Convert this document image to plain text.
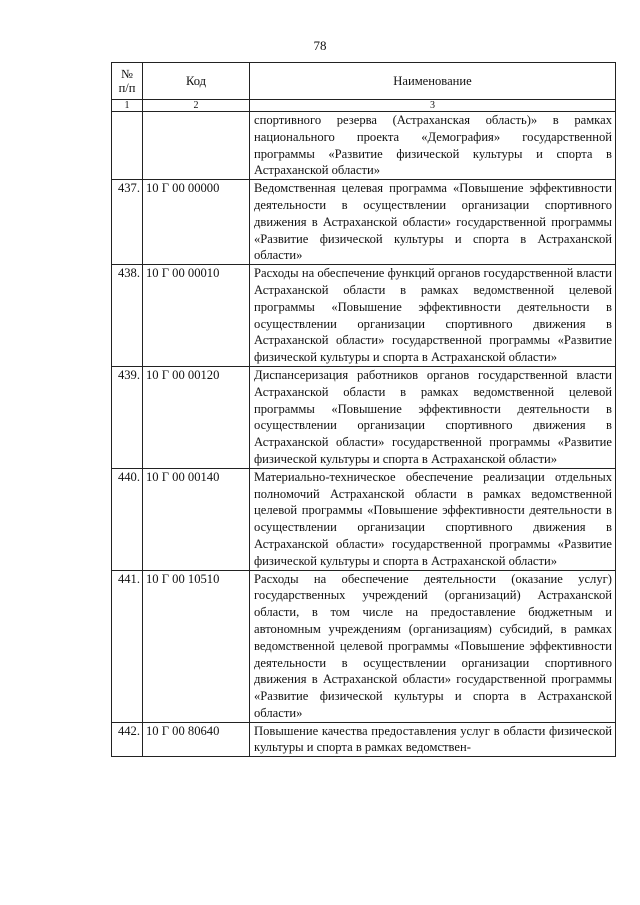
78
№ п/п	Код	Наименование
1	2	3
		спортивного резерва (Астраханская область)» в рамках национального проекта «Демография» государственной программы «Развитие физической культуры и спорта в Астраханской области»
437.	10 Г 00 00000	Ведомственная целевая программа «Повышение эффективности деятельности в осуществлении организации спортивного движения в Астраханской области» государственной программы «Развитие физической культуры и спорта в Астраханской области»
438.	10 Г 00 00010	Расходы на обеспечение функций органов государственной власти Астраханской области в рамках ведомственной целевой программы «Повышение эффективности деятельности в осуществлении организации спортивного движения в Астраханской области» государственной программы «Развитие физической культуры и спорта в Астраханской области»
439.	10 Г 00 00120	Диспансеризация работников органов государственной власти Астраханской области в рамках ведомственной целевой программы «Повышение эффективности деятельности в осуществлении организации спортивного движения в Астраханской области» государственной программы «Развитие физической культуры и спорта в Астраханской области»
440.	10 Г 00 00140	Материально-техническое обеспечение реализации отдельных полномочий Астраханской области в рамках ведомственной целевой программы «Повышение эффективности деятельности в осуществлении организации спортивного движения в Астраханской области» государственной программы «Развитие физической культуры и спорта в Астраханской области»
441.	10 Г 00 10510	Расходы на обеспечение деятельности (оказание услуг) государственных учреждений (организаций) Астраханской области, в том числе на предоставление бюджетным и автономным учреждениям (организациям) субсидий, в рамках ведомственной целевой программы «Повышение эффективности деятельности в осуществлении организации спортивного движения в Астраханской области» государственной программы «Развитие физической культуры и спорта в Астраханской области»
442.	10 Г 00 80640	Повышение качества предоставления услуг в области физической культуры и спорта в рамках ведомствен-
